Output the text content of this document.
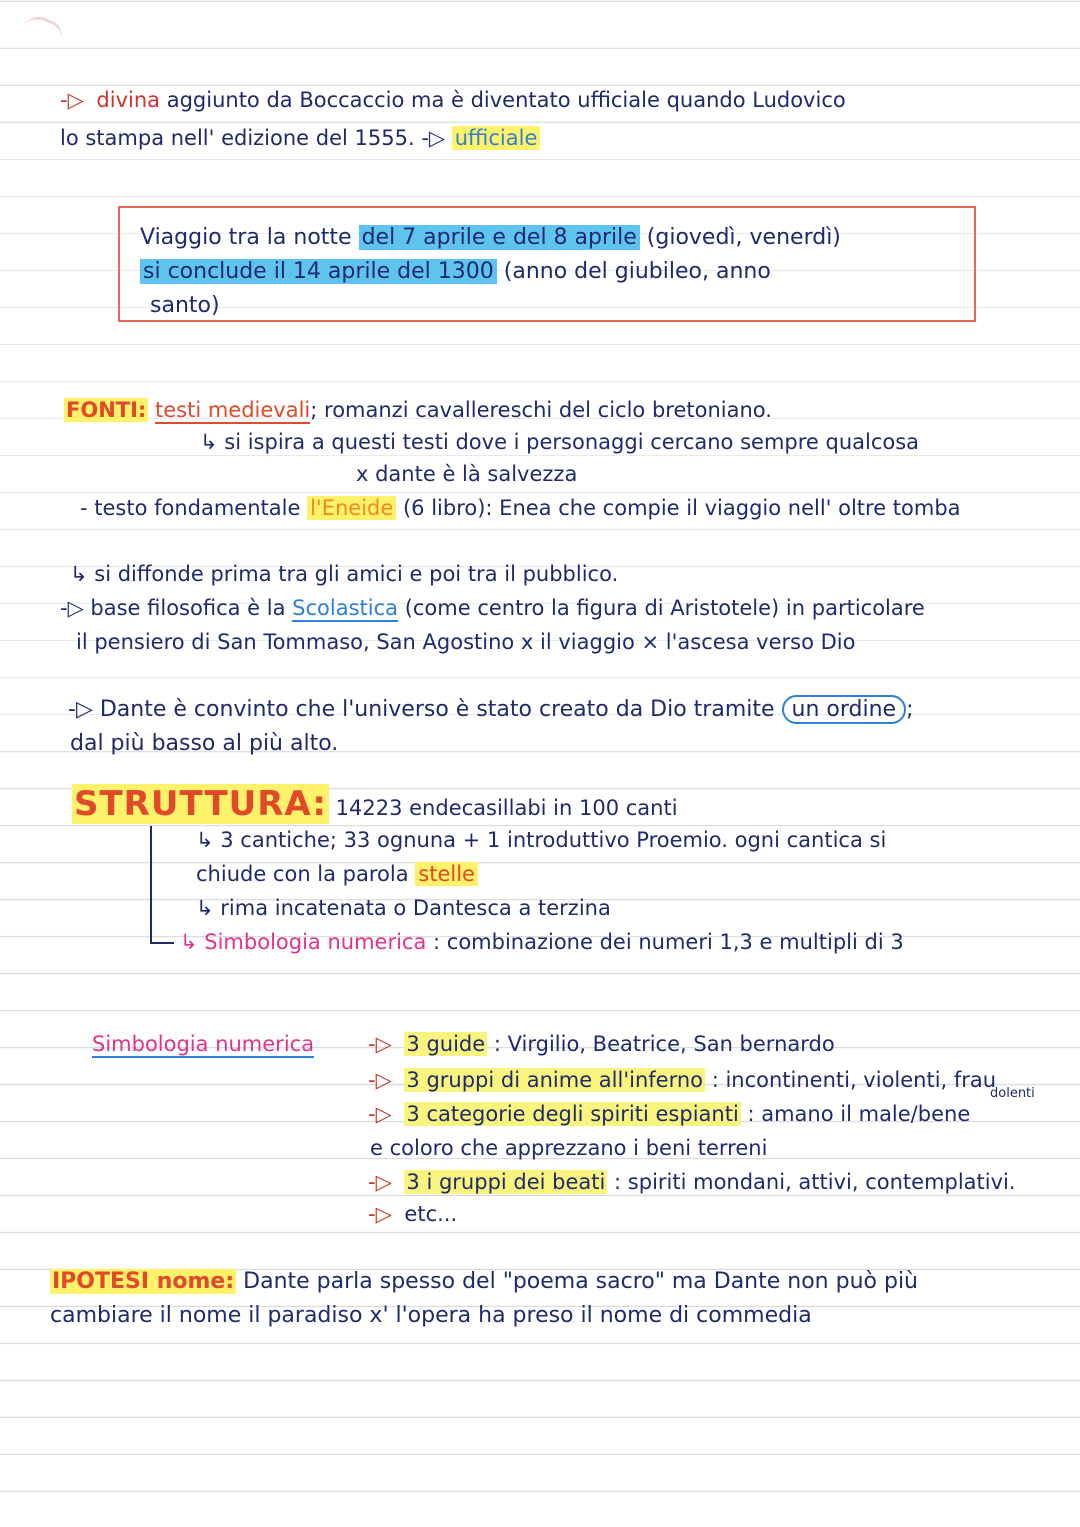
-▷ divina aggiunto da Boccaccio ma è diventato ufficiale quando Ludovico
lo stampa nell' edizione del 1555. -▷ ufficiale
Viaggio tra la notte del 7 aprile e del 8 aprile (giovedì, venerdì)
si conclude il 14 aprile del 1300 (anno del giubileo, anno
santo)
FONTI: testi medievali; romanzi cavallereschi del ciclo bretoniano.
↳ si ispira a questi testi dove i personaggi cercano sempre qualcosa
x dante è là salvezza
- testo fondamentale l'Eneide (6 libro): Enea che compie il viaggio nell' oltre tomba
↳ si diffonde prima tra gli amici e poi tra il pubblico.
-▷ base filosofica è la Scolastica (come centro la figura di Aristotele) in particolare
il pensiero di San Tommaso, San Agostino x il viaggio × l'ascesa verso Dio
-▷ Dante è convinto che l'universo è stato creato da Dio tramite un ordine ;
dal più basso al più alto.
STRUTTURA: 14223 endecasillabi in 100 canti
↳ 3 cantiche; 33 ognuna + 1 introduttivo Proemio. ogni cantica si
chiude con la parola stelle
↳ rima incatenata o Dantesca a terzina
↳ Simbologia numerica : combinazione dei numeri 1,3 e multipli di 3
Simbologia numerica	-▷ 3 guide : Virgilio, Beatrice, San bernardo
-▷ 3 gruppi di anime all'inferno : incontinenti, violenti, frau
dolenti
-▷ 3 categorie degli spiriti espianti : amano il male/bene
e coloro che apprezzano i beni terreni
-▷ 3 i gruppi dei beati : spiriti mondani, attivi, contemplativi.
-▷ etc...
IPOTESI nome: Dante parla spesso del "poema sacro" ma Dante non può più
cambiare il nome il paradiso x' l'opera ha preso il nome di commedia
